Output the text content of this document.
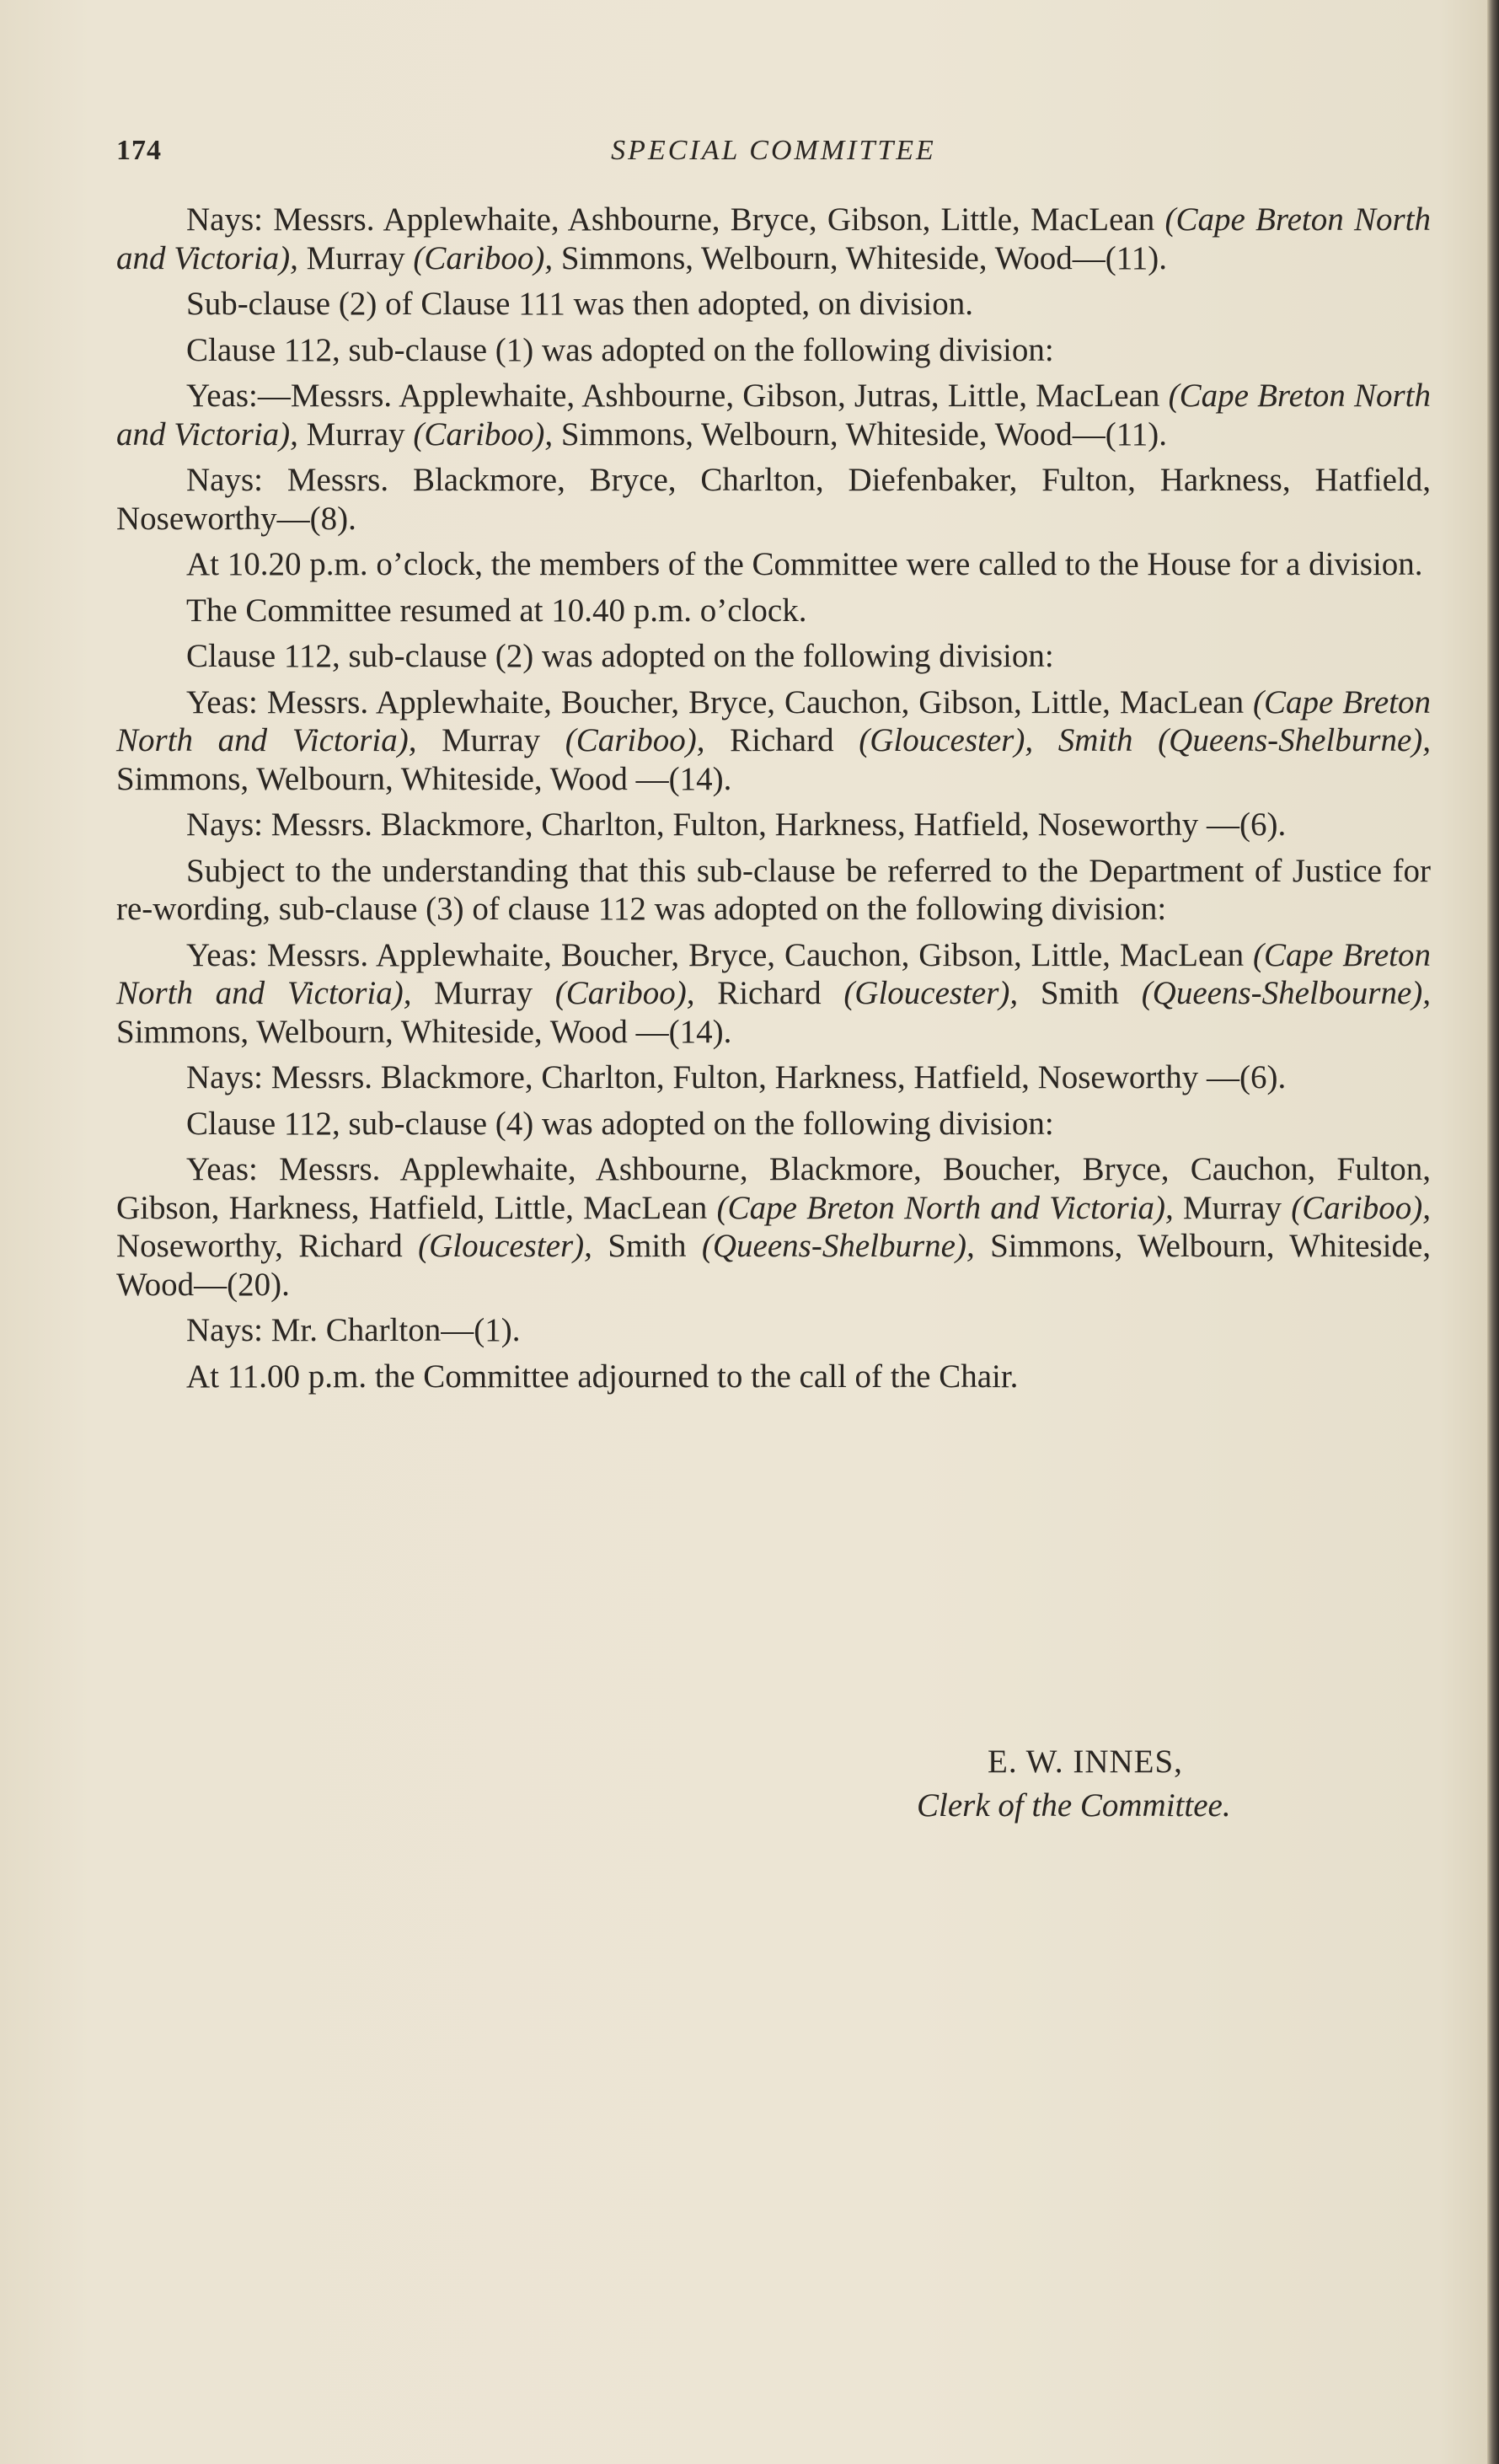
174	SPECIAL COMMITTEE

Nays: Messrs. Applewhaite, Ashbourne, Bryce, Gibson, Little, MacLean (Cape Breton North and Victoria), Murray (Cariboo), Simmons, Welbourn, Whiteside, Wood—(11).

Sub-clause (2) of Clause 111 was then adopted, on division.

Clause 112, sub-clause (1) was adopted on the following division:

Yeas:—Messrs. Applewhaite, Ashbourne, Gibson, Jutras, Little, MacLean (Cape Breton North and Victoria), Murray (Cariboo), Simmons, Welbourn, Whiteside, Wood—(11).

Nays: Messrs. Blackmore, Bryce, Charlton, Diefenbaker, Fulton, Harkness, Hatfield, Noseworthy—(8).

At 10.20 p.m. o’clock, the members of the Committee were called to the House for a division.

The Committee resumed at 10.40 p.m. o’clock.

Clause 112, sub-clause (2) was adopted on the following division:

Yeas: Messrs. Applewhaite, Boucher, Bryce, Cauchon, Gibson, Little, MacLean (Cape Breton North and Victoria), Murray (Cariboo), Richard (Gloucester), Smith (Queens-Shelburne), Simmons, Welbourn, Whiteside, Wood —(14).

Nays: Messrs. Blackmore, Charlton, Fulton, Harkness, Hatfield, Noseworthy —(6).

Subject to the understanding that this sub-clause be referred to the Department of Justice for re-wording, sub-clause (3) of clause 112 was adopted on the following division:

Yeas: Messrs. Applewhaite, Boucher, Bryce, Cauchon, Gibson, Little, MacLean (Cape Breton North and Victoria), Murray (Cariboo), Richard (Gloucester), Smith (Queens-Shelbourne), Simmons, Welbourn, Whiteside, Wood —(14).

Nays: Messrs. Blackmore, Charlton, Fulton, Harkness, Hatfield, Noseworthy —(6).

Clause 112, sub-clause (4) was adopted on the following division:

Yeas: Messrs. Applewhaite, Ashbourne, Blackmore, Boucher, Bryce, Cauchon, Fulton, Gibson, Harkness, Hatfield, Little, MacLean (Cape Breton North and Victoria), Murray (Cariboo), Noseworthy, Richard (Gloucester), Smith (Queens-Shelburne), Simmons, Welbourn, Whiteside, Wood—(20).

Nays: Mr. Charlton—(1).

At 11.00 p.m. the Committee adjourned to the call of the Chair.

E. W. INNES,
Clerk of the Committee.
